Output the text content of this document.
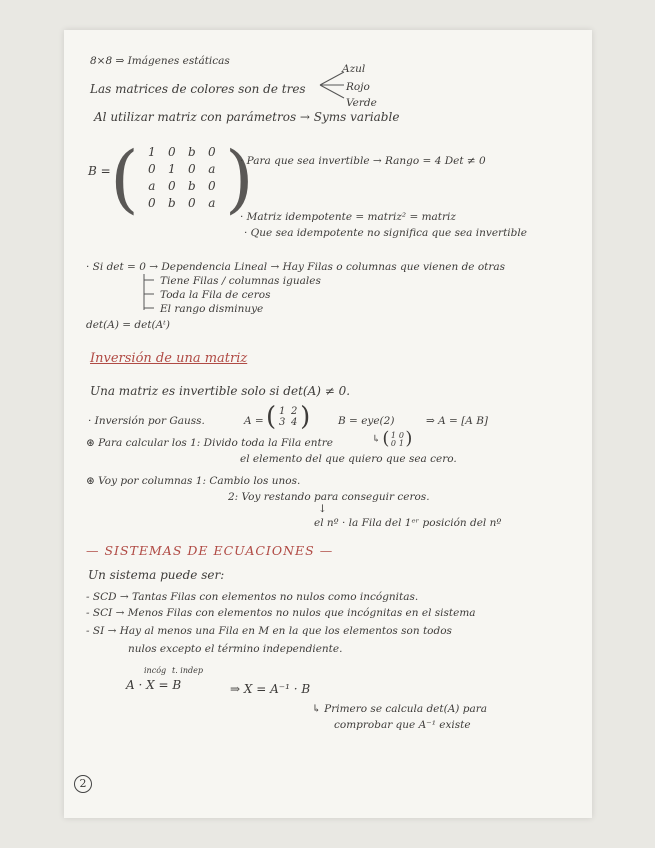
8×8 ⇒ Imágenes estáticas
Azul
Rojo
Verde
Las matrices de colores son de tres
Al utilizar matriz con parámetros → Syms variable
B = ( 1	0	b	0
0	1	0	a
a	0	b	0
0	b	0	a )
· Para que sea invertible → Rango = 4 Det ≠ 0
· Matriz idempotente = matriz² = matriz
· Que sea idempotente no significa que sea invertible
· Si det = 0 → Dependencia Lineal → Hay Filas o columnas que vienen de otras
Tiene Filas / columnas iguales
Toda la Fila de ceros
El rango disminuye
det(A) = det(Aᵗ)
Inversión de una matriz
Una matriz es invertible solo si det(A) ≠ 0.
· Inversión por Gauss.	A = ( 1 2
3 4 )	B = eye(2)	⇒ A = [A B]
↳ ( 1 0
0 1 )
⊛ Para calcular los 1: Divido toda la Fila entre
el elemento del que quiero que sea cero.
⊛ Voy por columnas 1: Cambio los unos.
2: Voy restando para conseguir ceros.
↓
el nº · la Fila del 1ᵉʳ posición del nº
— SISTEMAS DE ECUACIONES —
Un sistema puede ser:
- SCD → Tantas Filas con elementos no nulos como incógnitas.
- SCI → Menos Filas con elementos no nulos que incógnitas en el sistema
- SI → Hay al menos una Fila en M en la que los elementos son todos
nulos excepto el término independiente.
incóg t. indep
A · X = B	⇒ X = A⁻¹ · B
↳ Primero se calcula det(A) para
comprobar que A⁻¹ existe
2
